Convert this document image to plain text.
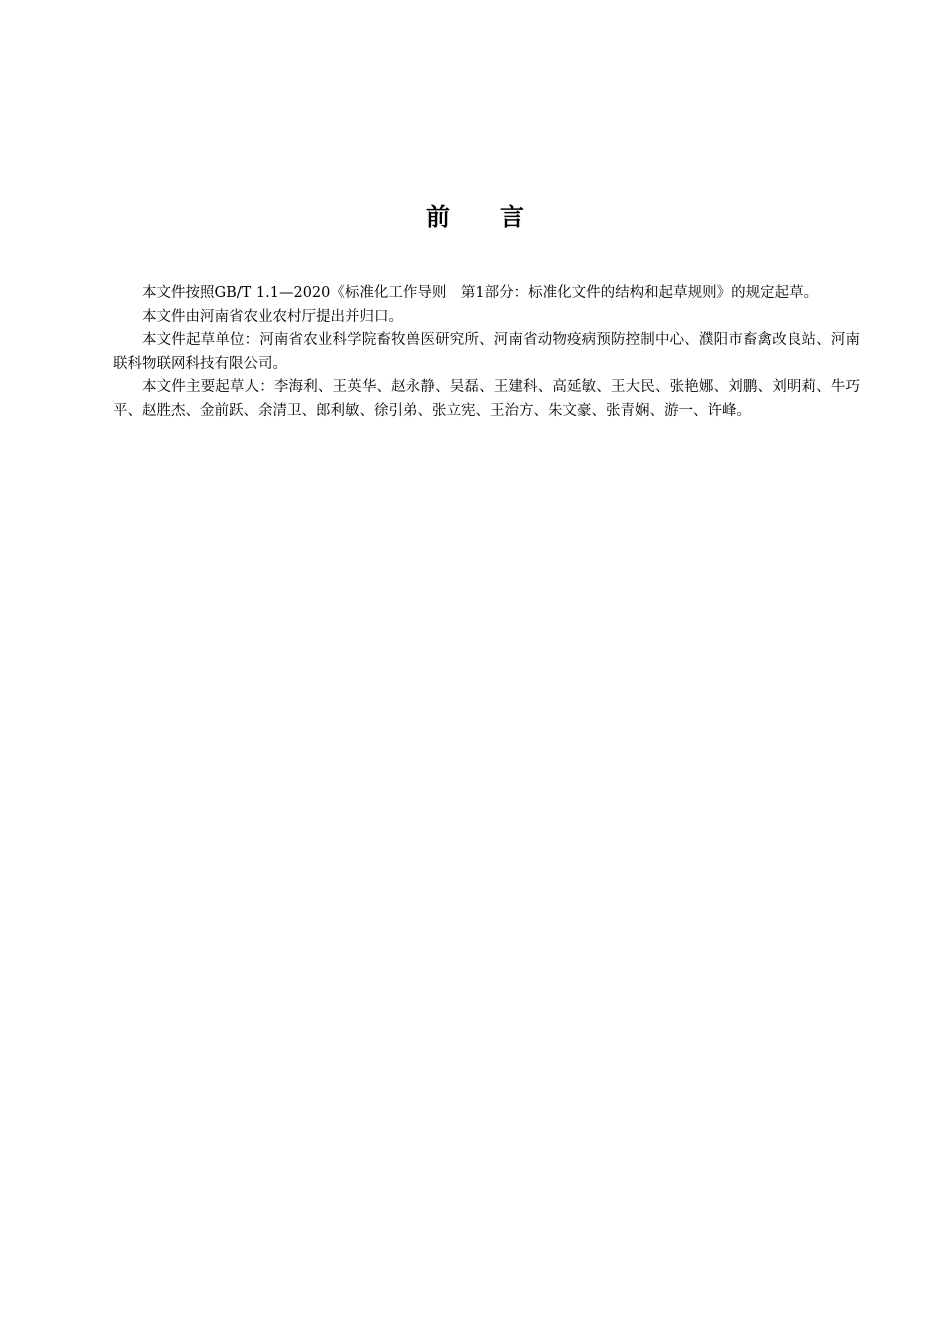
前 言

本文件按照GB/T 1.1—2020《标准化工作导则　第1部分：标准化文件的结构和起草规则》的规定起草。

本文件由河南省农业农村厅提出并归口。

本文件起草单位：河南省农业科学院畜牧兽医研究所、河南省动物疫病预防控制中心、濮阳市畜禽改良站、河南联科物联网科技有限公司。

本文件主要起草人：李海利、王英华、赵永静、吴磊、王建科、高延敏、王大民、张艳娜、刘鹏、刘明莉、牛巧平、赵胜杰、金前跃、余清卫、郎利敏、徐引弟、张立宪、王治方、朱文豪、张青娴、游一、许峰。
